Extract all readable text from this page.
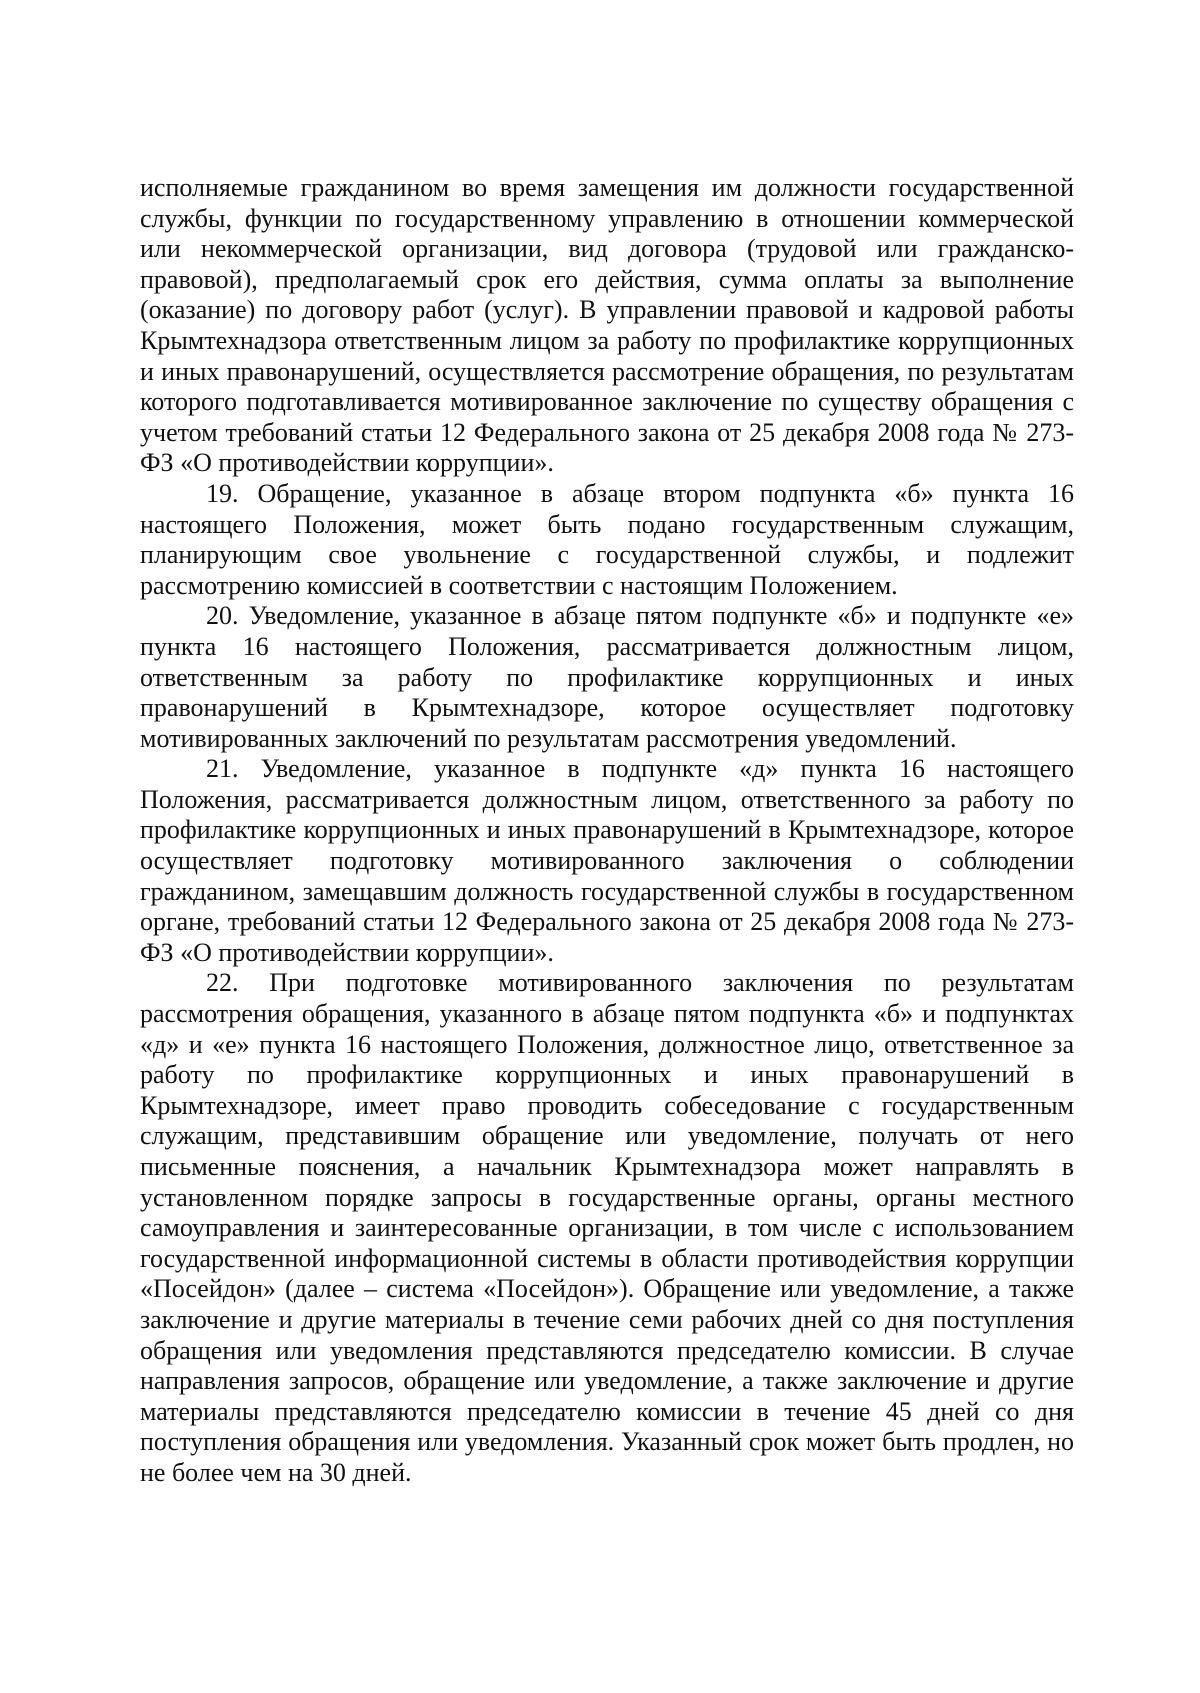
исполняемые гражданином во время замещения им должности государственной службы, функции по государственному управлению в отношении коммерческой или некоммерческой организации, вид договора (трудовой или гражданско-правовой), предполагаемый срок его действия, сумма оплаты за выполнение (оказание) по договору работ (услуг). В управлении правовой и кадровой работы Крымтехнадзора ответственным лицом за работу по профилактике коррупционных и иных правонарушений, осуществляется рассмотрение обращения, по результатам которого подготавливается мотивированное заключение по существу обращения с учетом требований статьи 12 Федерального закона от 25 декабря 2008 года № 273-ФЗ «О противодействии коррупции».

19. Обращение, указанное в абзаце втором подпункта «б» пункта 16 настоящего Положения, может быть подано государственным служащим, планирующим свое увольнение с государственной службы, и подлежит рассмотрению комиссией в соответствии с настоящим Положением.

20. Уведомление, указанное в абзаце пятом подпункте «б» и подпункте «е» пункта 16 настоящего Положения, рассматривается должностным лицом, ответственным за работу по профилактике коррупционных и иных правонарушений в Крымтехнадзоре, которое осуществляет подготовку мотивированных заключений по результатам рассмотрения уведомлений.

21. Уведомление, указанное в подпункте «д» пункта 16 настоящего Положения, рассматривается должностным лицом, ответственного за работу по профилактике коррупционных и иных правонарушений в Крымтехнадзоре, которое осуществляет подготовку мотивированного заключения о соблюдении гражданином, замещавшим должность государственной службы в государственном органе, требований статьи 12 Федерального закона от 25 декабря 2008 года № 273-ФЗ «О противодействии коррупции».

22. При подготовке мотивированного заключения по результатам рассмотрения обращения, указанного в абзаце пятом подпункта «б» и подпунктах «д» и «е» пункта 16 настоящего Положения, должностное лицо, ответственное за работу по профилактике коррупционных и иных правонарушений в Крымтехнадзоре, имеет право проводить собеседование с государственным служащим, представившим обращение или уведомление, получать от него письменные пояснения, а начальник Крымтехнадзора может направлять в установленном порядке запросы в государственные органы, органы местного самоуправления и заинтересованные организации, в том числе с использованием государственной информационной системы в области противодействия коррупции «Посейдон» (далее – система «Посейдон»). Обращение или уведомление, а также заключение и другие материалы в течение семи рабочих дней со дня поступления обращения или уведомления представляются председателю комиссии. В случае направления запросов, обращение или уведомление, а также заключение и другие материалы представляются председателю комиссии в течение 45 дней со дня поступления обращения или уведомления. Указанный срок может быть продлен, но не более чем на 30 дней.
